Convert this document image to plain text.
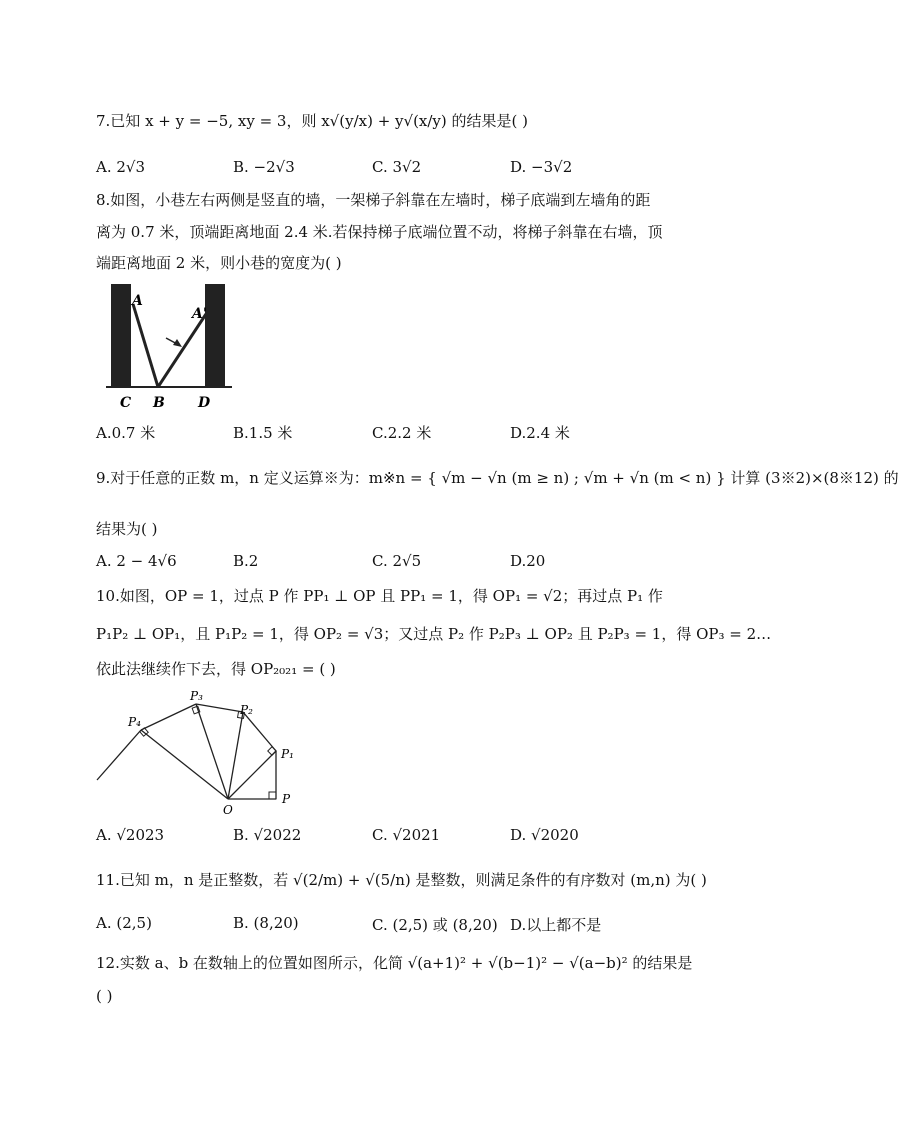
7.已知 x + y = −5, xy = 3，则 x√(y/x) + y√(x/y) 的结果是( )
A. 2√3	B. −2√3	C. 3√2	D. −3√2
8.如图，小巷左右两侧是竖直的墙，一架梯子斜靠在左墙时，梯子底端到左墙角的距
离为 0.7 米，顶端距离地面 2.4 米.若保持梯子底端位置不动，将梯子斜靠在右墙，顶
端距离地面 2 米，则小巷的宽度为( )
A
A'
C B D
A.0.7 米	B.1.5 米	C.2.2 米	D.2.4 米
9.对于任意的正数 m，n 定义运算※为：m※n = { √m − √n (m ≥ n) ; √m + √n (m < n) } 计算 (3※2)×(8※12) 的
结果为( )
A. 2 − 4√6	B.2	C. 2√5	D.20
10.如图，OP = 1，过点 P 作 PP₁ ⊥ OP 且 PP₁ = 1，得 OP₁ = √2；再过点 P₁ 作
P₁P₂ ⊥ OP₁，且 P₁P₂ = 1，得 OP₂ = √3；又过点 P₂ 作 P₂P₃ ⊥ OP₂ 且 P₂P₃ = 1，得 OP₃ = 2…
依此法继续作下去，得 OP₂₀₂₁ = ( )
P₄
P₃
P₂
P₁
O
P
A. √2023	B. √2022	C. √2021	D. √2020
11.已知 m，n 是正整数，若 √(2/m) + √(5/n) 是整数，则满足条件的有序数对 (m,n) 为( )
A. (2,5)	B. (8,20)	C. (2,5) 或 (8,20) D.以上都不是
12.实数 a、b 在数轴上的位置如图所示，化简 √(a+1)² + √(b−1)² − √(a−b)² 的结果是
( )
